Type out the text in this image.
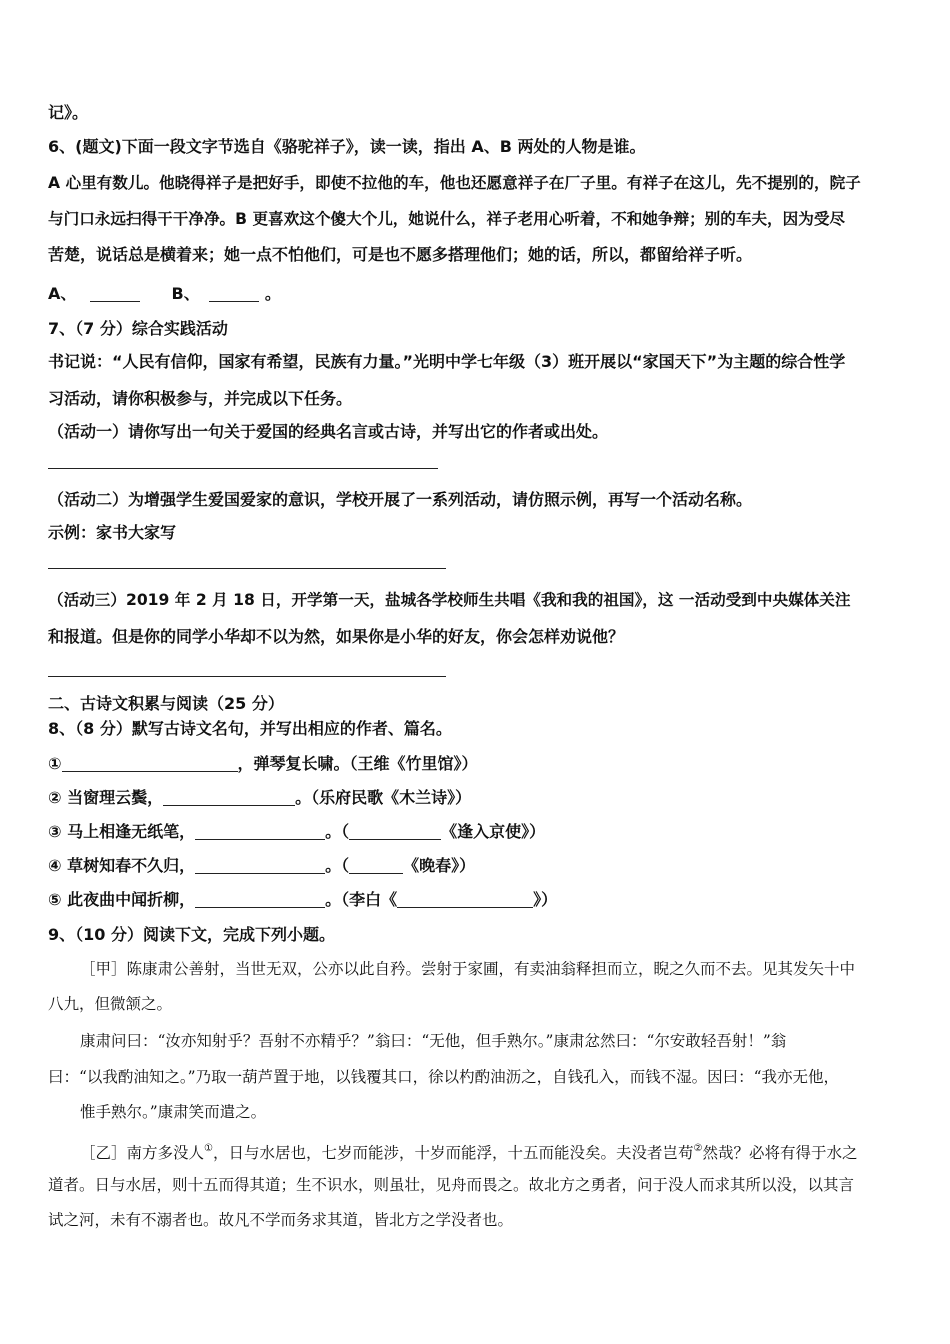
记》。
6、(题文)下面一段文字节选自《骆驼祥子》，读一读，指出 A、B 两处的人物是谁。
A 心里有数儿。他晓得祥子是把好手，即使不拉他的车，他也还愿意祥子在厂子里。有祥子在这儿，先不提别的，院子
与门口永远扫得干干净净。B 更喜欢这个傻大个儿，她说什么，祥子老用心听着，不和她争辩；别的车夫，因为受尽
苦楚，说话总是横着来；她一点不怕他们，可是也不愿多搭理他们；她的话，所以，都留给祥子听。
A、	B、	。
7、（7 分）综合实践活动
书记说：“人民有信仰，国家有希望，民族有力量。”光明中学七年级（3）班开展以“家国天下”为主题的综合性学
习活动，请你积极参与，并完成以下任务。
（活动一）请你写出一句关于爱国的经典名言或古诗，并写出它的作者或出处。
（活动二）为增强学生爱国爱家的意识，学校开展了一系列活动，请仿照示例，再写一个活动名称。
示例：家书大家写
（活动三）2019 年 2 月 18 日，开学第一天，盐城各学校师生共唱《我和我的祖国》，这 一活动受到中央媒体关注
和报道。但是你的同学小华却不以为然，如果你是小华的好友，你会怎样劝说他？
二、古诗文积累与阅读（25 分）
8、（8 分）默写古诗文名句，并写出相应的作者、篇名。
①	，弹琴复长啸。（王维《竹里馆》）
② 当窗理云鬓，	。（乐府民歌《木兰诗》）
③ 马上相逢无纸笔，	。（	《逢入京使》）
④ 草树知春不久归，	。（	《晚春》）
⑤ 此夜曲中闻折柳，	。（李白《	》）
9、（10 分）阅读下文，完成下列小题。
［甲］陈康肃公善射，当世无双，公亦以此自矜。尝射于家圃，有卖油翁释担而立，睨之久而不去。见其发矢十中
八九，但微颔之。
康肃问曰：“汝亦知射乎？吾射不亦精乎？”翁曰：“无他，但手熟尔。”康肃忿然曰：“尔安敢轻吾射！”翁
曰：“以我酌油知之。”乃取一葫芦置于地，以钱覆其口，徐以杓酌油沥之，自钱孔入，而钱不湿。因曰：“我亦无他，
惟手熟尔。”康肃笑而遣之。
［乙］南方多没人①，日与水居也，七岁而能涉，十岁而能浮，十五而能没矣。夫没者岂苟②然哉？必将有得于水之
道者。日与水居，则十五而得其道；生不识水，则虽壮，见舟而畏之。故北方之勇者，问于没人而求其所以没，以其言
试之河，未有不溺者也。故凡不学而务求其道，皆北方之学没者也。
